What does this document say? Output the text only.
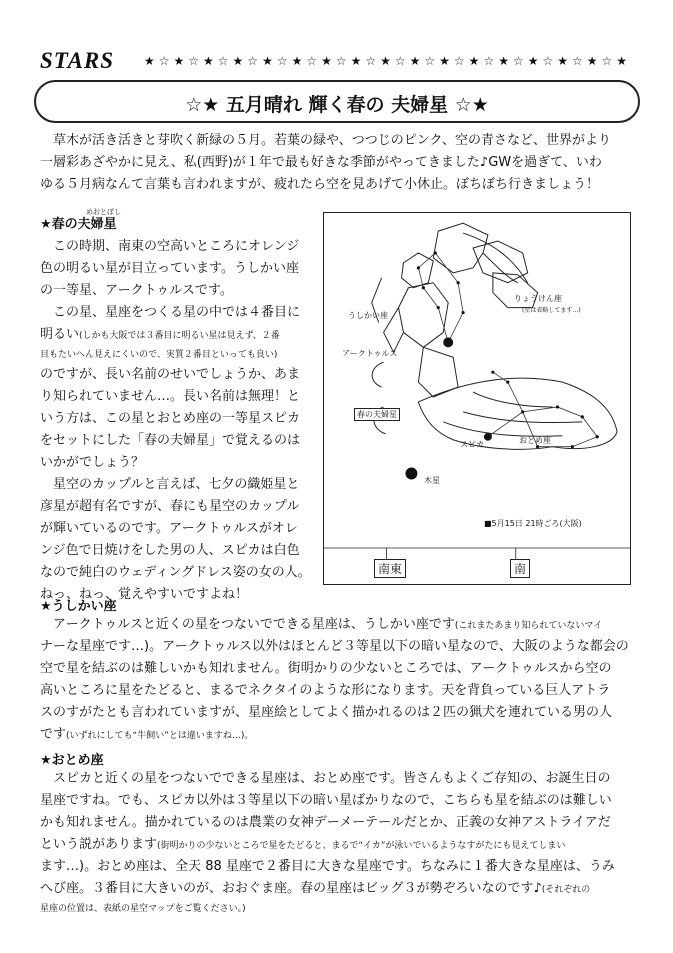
STARS ★☆★☆★☆★☆★☆★☆★☆★☆★☆★☆★☆★☆★☆★☆★☆★☆★
☆★ 五月晴れ 輝く春の 夫婦星 ☆★
　草木が活き活きと芽吹く新緑の５月。若葉の緑や、つつじのピンク、空の青さなど、世界がより
一層彩あざやかに見え、私(西野)が１年で最も好きな季節がやってきました♪GWを過ぎて、いわ
ゆる５月病なんて言葉も言われますが、疲れたら空を見あげて小休止。ぼちぼち行きましょう！
めおとぼし
★春の夫婦星
　この時期、南東の空高いところにオレンジ
色の明るい星が目立っています。うしかい座
の一等星、アークトゥルスです。
　この星、星座をつくる星の中では４番目に
明るい(しかも大阪では３番目に明るい星は見えず、２番
目もたいへん見えにくいので、実質２番目といっても良い)
のですが、長い名前のせいでしょうか、あま
り知られていません…。長い名前は無理！と
いう方は、この星とおとめ座の一等星スピカ
をセットにした「春の夫婦星」で覚えるのは
いかがでしょう？
　星空のカップルと言えば、七夕の織姫星と
彦星が超有名ですが、春にも星空のカップル
が輝いているのです。アークトゥルスがオレ
ンジ色で日焼けをした男の人、スピカは白色
なので純白のウェディングドレス姿の女の人。
ねっ、ねっ、覚えやすいですよね！
うしかい座
りょうけん座
(星は省略してます…)
アークトゥルス
春の夫婦星
スピカ	おとめ座
木星
■5月15日 21時ごろ(大阪)
南東	南
★うしかい座
　アークトゥルスと近くの星をつないでできる星座は、うしかい座です(これまたあまり知られていないマイ
ナーな星座です…)。アークトゥルス以外はほとんど３等星以下の暗い星なので、大阪のような都会の
空で星を結ぶのは難しいかも知れません。街明かりの少ないところでは、アークトゥルスから空の
高いところに星をたどると、まるでネクタイのような形になります。天を背負っている巨人アトラ
スのすがたとも言われていますが、星座絵としてよく描かれるのは２匹の猟犬を連れている男の人
です(いずれにしても“牛飼い”とは違いますね…)。
★おとめ座
　スピカと近くの星をつないでできる星座は、おとめ座です。皆さんもよくご存知の、お誕生日の
星座ですね。でも、スピカ以外は３等星以下の暗い星ばかりなので、こちらも星を結ぶのは難しい
かも知れません。描かれているのは農業の女神デーメーテールだとか、正義の女神アストライアだ
という説があります(街明かりの少ないところで星をたどると、まるで“イカ”が泳いでいるようなすがたにも見えてしまい
ます…)。おとめ座は、全天 88 星座で２番目に大きな星座です。ちなみに１番大きな星座は、うみ
へび座。３番目に大きいのが、おおぐま座。春の星座はビッグ３が勢ぞろいなのです♪(それぞれの
星座の位置は、表紙の星空マップをご覧ください。)
